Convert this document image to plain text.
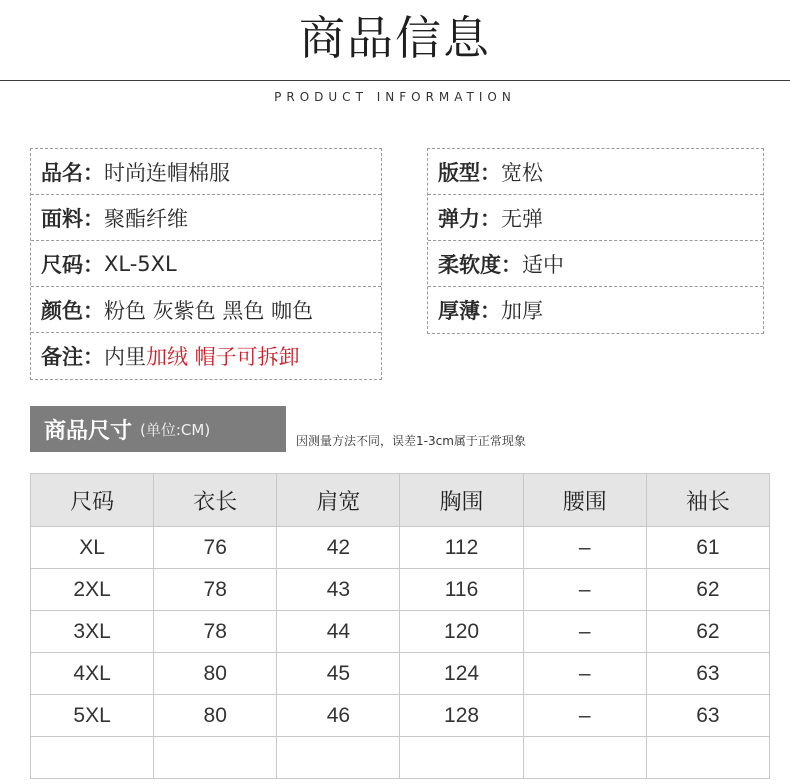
商品信息
PRODUCT INFORMATION
品名： 时尚连帽棉服
面料： 聚酯纤维
尺码： XL-5XL
颜色： 粉色 灰紫色 黑色 咖色
备注： 内里 加绒 帽子可拆卸
版型： 宽松
弹力： 无弹
柔软度： 适中
厚薄： 加厚
商品尺寸 (单位:CM)
因测量方法不同，误差1-3cm属于正常现象
尺码	衣长	肩宽	胸围	腰围	袖长
XL	76	42	112	–	61
2XL	78	43	116	–	62
3XL	78	44	120	–	62
4XL	80	45	124	–	63
5XL	80	46	128	–	63
